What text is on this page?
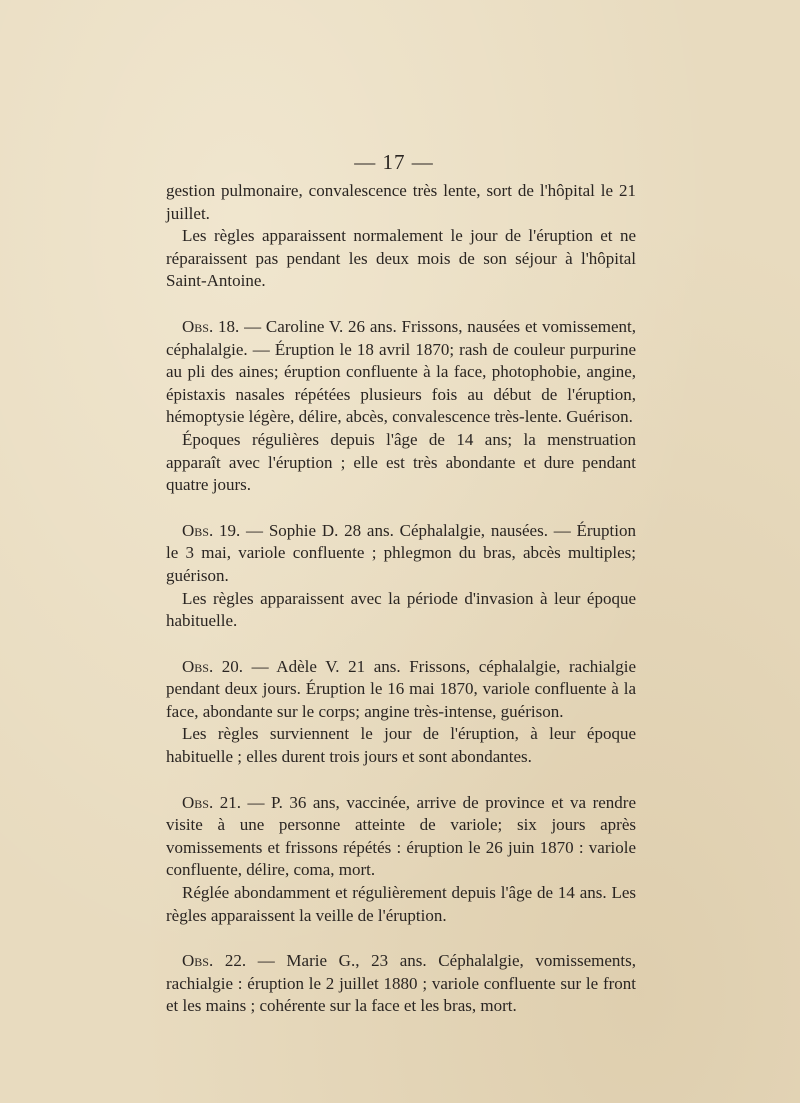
— 17 —

gestion pulmonaire, convalescence très lente, sort de l'hôpital le 21 juillet.

Les règles apparaissent normalement le jour de l'éruption et ne réparaissent pas pendant les deux mois de son séjour à l'hôpital Saint-Antoine.

Obs. 18. — Caroline V. 26 ans. Frissons, nausées et vomissement, céphalalgie. — Éruption le 18 avril 1870; rash de couleur purpurine au pli des aines; éruption confluente à la face, photophobie, angine, épistaxis nasales répétées plusieurs fois au début de l'éruption, hémoptysie légère, délire, abcès, convalescence très-lente. Guérison.

Époques régulières depuis l'âge de 14 ans; la menstruation apparaît avec l'éruption ; elle est très abondante et dure pendant quatre jours.

Obs. 19. — Sophie D. 28 ans. Céphalalgie, nausées. — Éruption le 3 mai, variole confluente ; phlegmon du bras, abcès multiples; guérison.

Les règles apparaissent avec la période d'invasion à leur époque habituelle.

Obs. 20. — Adèle V. 21 ans. Frissons, céphalalgie, rachialgie pendant deux jours. Éruption le 16 mai 1870, variole confluente à la face, abondante sur le corps; angine très-intense, guérison.

Les règles surviennent le jour de l'éruption, à leur époque habituelle ; elles durent trois jours et sont abondantes.

Obs. 21. — P. 36 ans, vaccinée, arrive de province et va rendre visite à une personne atteinte de variole; six jours après vomissements et frissons répétés : éruption le 26 juin 1870 : variole confluente, délire, coma, mort.

Réglée abondamment et régulièrement depuis l'âge de 14 ans. Les règles apparaissent la veille de l'éruption.

Obs. 22. — Marie G., 23 ans. Céphalalgie, vomissements, rachialgie : éruption le 2 juillet 1880 ; variole confluente sur le front et les mains ; cohérente sur la face et les bras, mort.
